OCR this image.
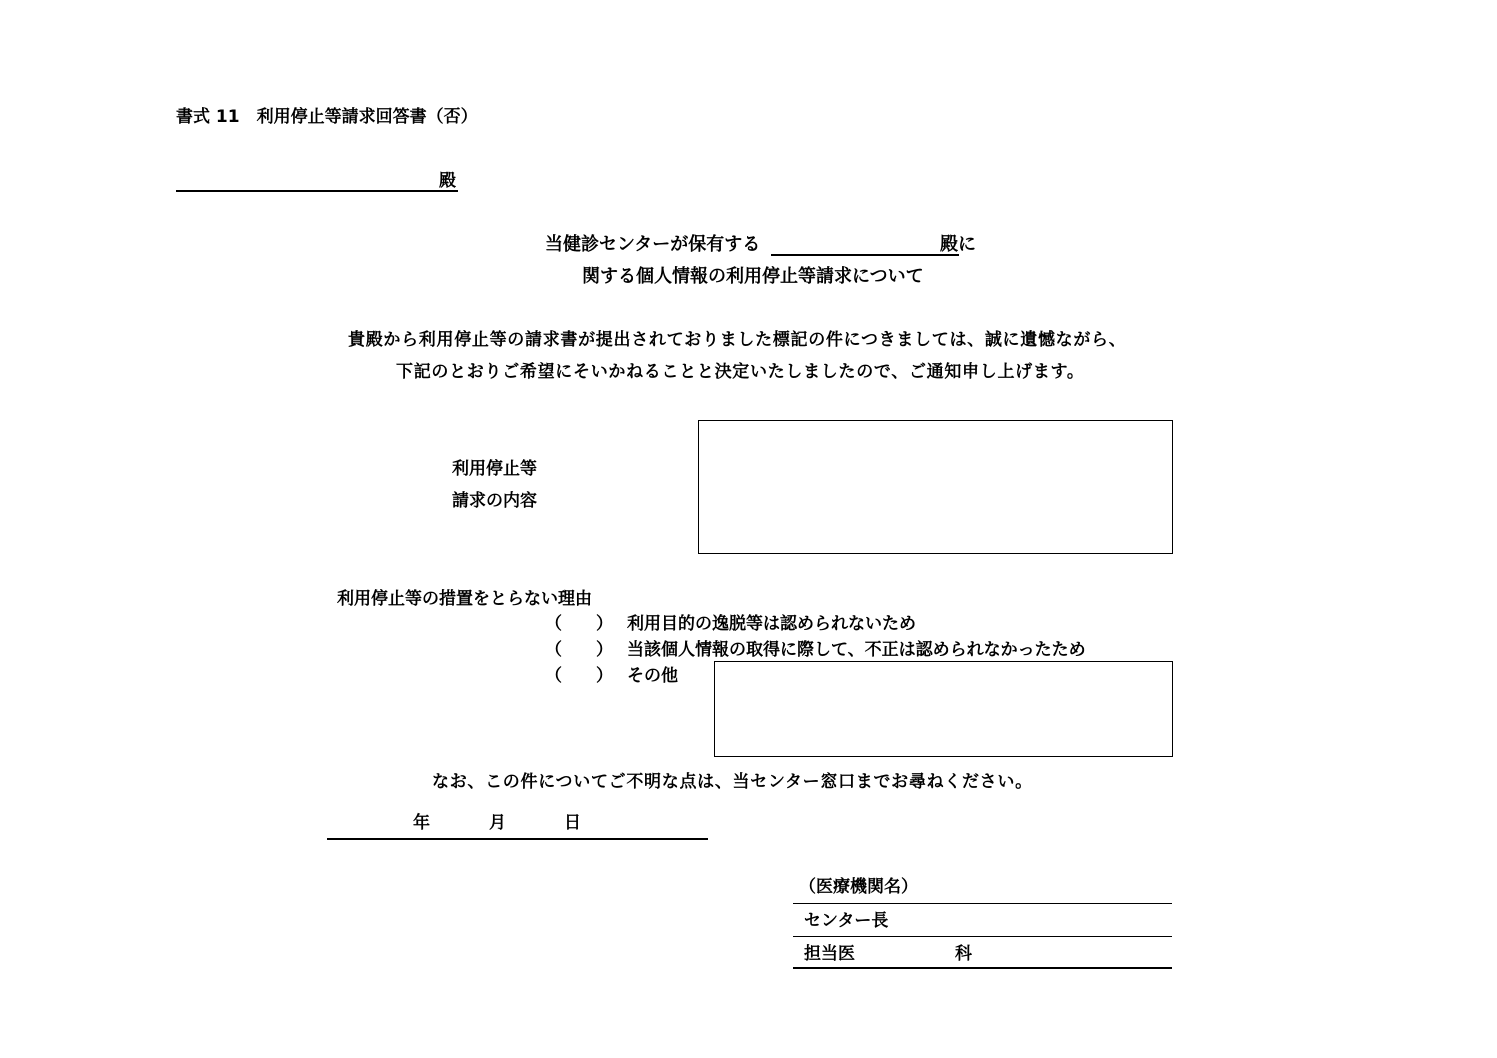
書式 11　利用停止等請求回答書（否）
殿
当健診センターが保有する	殿に
関する個人情報の利用停止等請求について
貴殿から利用停止等の請求書が提出されておりました標記の件につきましては、誠に遺憾ながら、
下記のとおりご希望にそいかねることと決定いたしましたので、ご通知申し上げます。
利用停止等
請求の内容
利用停止等の措置をとらない理由
（　　） 利用目的の逸脱等は認められないため
（　　） 当該個人情報の取得に際して、不正は認められなかったため
（　　） その他
なお、この件についてご不明な点は、当センター窓口までお尋ねください。
年	月	日
（医療機関名）
センター長
担当医	科
